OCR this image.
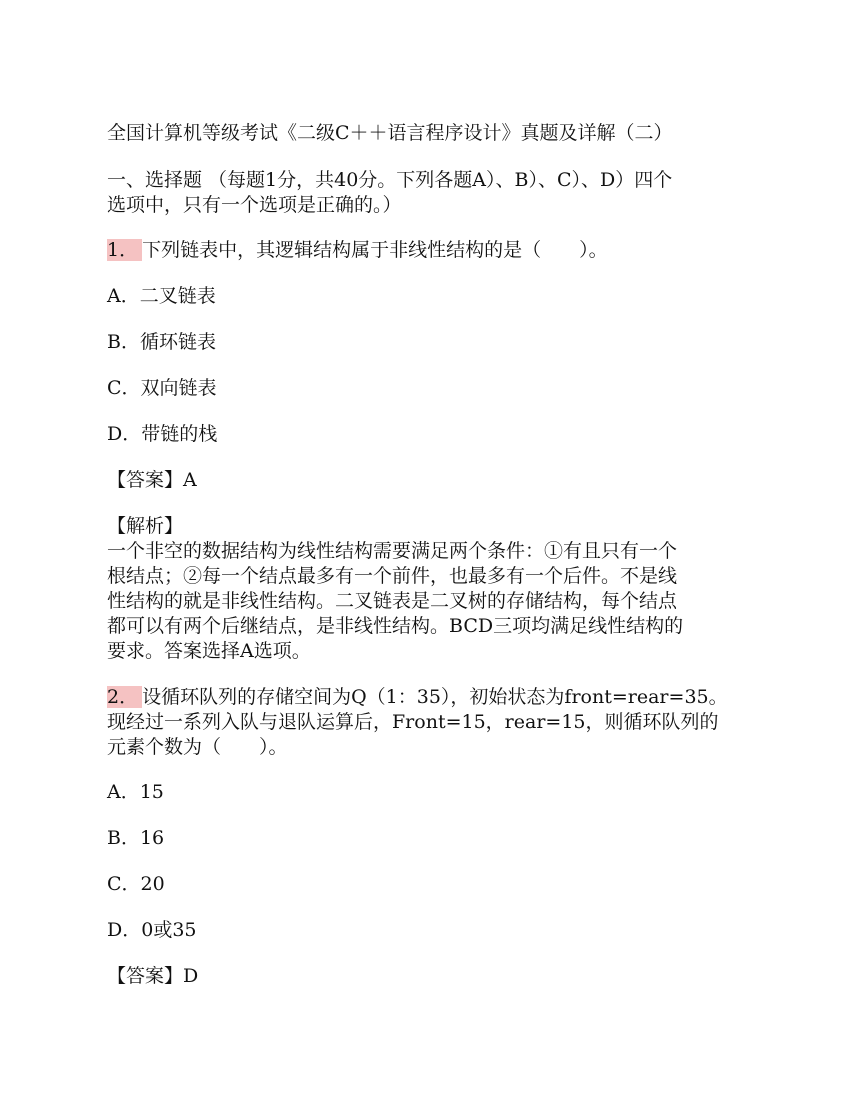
全国计算机等级考试《二级C＋＋语言程序设计》真题及详解（二）

一、选择题 （每题1分，共40分。下列各题A）、B）、C）、D）四个

选项中，只有一个选项是正确的。）

1． 下列链表中，其逻辑结构属于非线性结构的是（　　）。

A．二叉链表

B．循环链表

C．双向链表

D．带链的栈

【答案】A

【解析】

一个非空的数据结构为线性结构需要满足两个条件：①有且只有一个

根结点；②每一个结点最多有一个前件，也最多有一个后件。不是线

性结构的就是非线性结构。二叉链表是二叉树的存储结构，每个结点

都可以有两个后继结点，是非线性结构。BCD三项均满足线性结构的

要求。答案选择A选项。

2． 设循环队列的存储空间为Q（1：35），初始状态为front=rear=35。

现经过一系列入队与退队运算后，Front=15，rear=15，则循环队列的

元素个数为（　　）。

A．15

B．16

C．20

D．0或35

【答案】D
